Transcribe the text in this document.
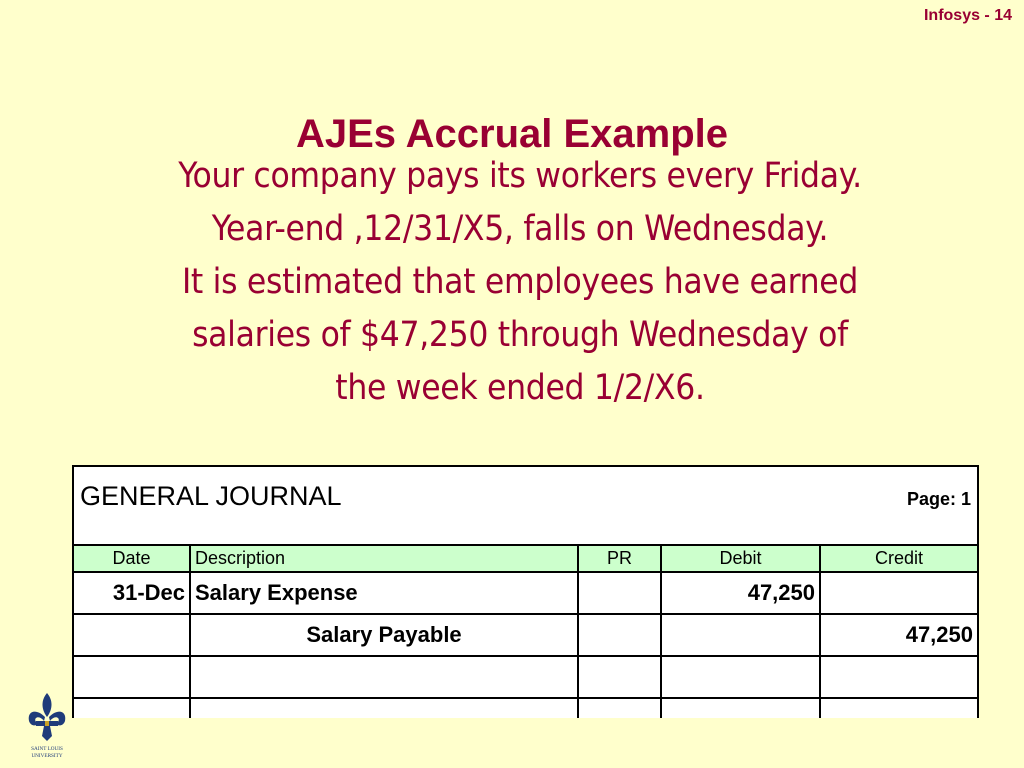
Infosys - 14
AJEs Accrual Example
Your company pays its workers every Friday.
Year-end ,12/31/X5, falls on Wednesday.
It is estimated that employees have earned
salaries of $47,250 through Wednesday of
the week ended 1/2/X6.
GENERAL JOURNAL	Page: 1
Date	Description	PR	Debit	Credit
31-Dec	Salary Expense		47,250	
	Salary Payable			47,250

SAINT LOUIS
UNIVERSITY
